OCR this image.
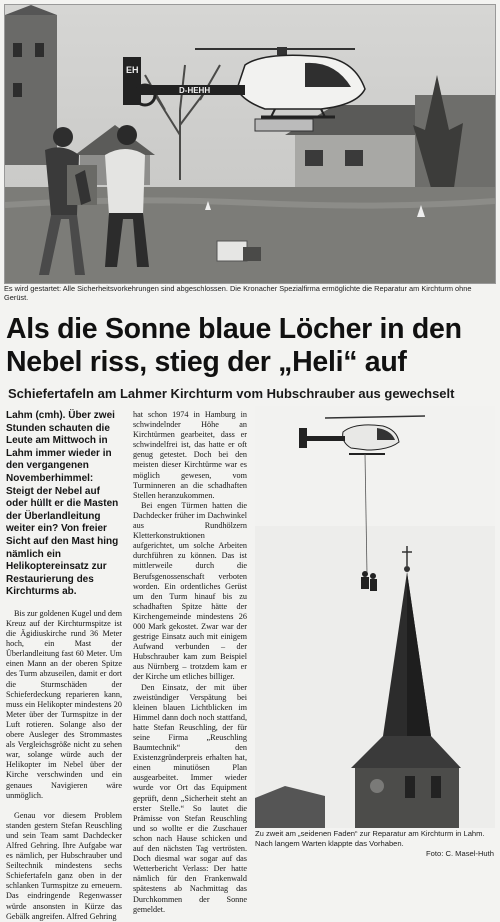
EH
D-HEHH
Es wird gestartet: Alle Sicherheitsvorkehrungen sind abgeschlossen. Die Kronacher Spezialfirma ermöglichte die Reparatur am Kirchturm ohne Gerüst.
Als die Sonne blaue Löcher in den Nebel riss, stieg der „Heli“ auf
Schiefertafeln am Lahmer Kirchturm vom Hubschrauber aus gewechselt
Lahm (cmh). Über zwei Stunden schauten die Leute am Mittwoch in Lahm immer wieder in den vergangenen Novemberhimmel: Steigt der Nebel auf oder hüllt er die Masten der Überlandleitung weiter ein? Von freier Sicht auf den Mast hing nämlich ein Helikoptereinsatz zur Restaurierung des Kirchturms ab.

Bis zur goldenen Kugel und dem Kreuz auf der Kirchturmspitze ist die Ägidiuskirche rund 36 Meter hoch, ein Mast der Überlandleitung fast 60 Meter. Um einen Mann an der oberen Spitze des Turm abzuseilen, damit er dort die Sturmschäden der Schieferdeckung reparieren kann, muss ein Helikopter mindestens 20 Meter über der Turmspitze in der Luft rotieren. Solange also der obere Ausleger des Strommastes als Vergleichsgröße nicht zu sehen war, solange würde auch der Helikopter im Nebel über der Kirche verschwinden und ein genaues Navigieren wäre unmöglich.

Genau vor diesem Problem standen gestern Stefan Reuschling und sein Team samt Dachdecker Alfred Gehring. Ihre Aufgabe war es nämlich, per Hubschrauber und Seiltechnik mindestens sechs Schiefertafeln ganz oben in der schlanken Turmspitze zu erneuern. Das eindringende Regenwasser würde ansonsten in Kürze das Gebälk angreifen. Alfred Gehring

hat schon 1974 in Hamburg in schwindelnder Höhe an Kirchtürmen gearbeitet, dass er schwindelfrei ist, das hatte er oft genug getestet. Doch bei den meisten dieser Kirchtürme war es möglich gewesen, vom Turminneren an die schadhaften Stellen heranzukommen.

Bei engen Türmen hatten die Dachdecker früher im Dachwinkel aus Rundhölzern Kletterkonstruktionen aufgerichtet, um solche Arbeiten durchführen zu können. Das ist mittlerweile durch die Berufsgenossenschaft verboten worden. Ein ordentliches Gerüst um den Turm hinauf bis zu schadhaften Spitze hätte der Kirchengemeinde mindestens 26 000 Mark gekostet. Zwar war der gestrige Einsatz auch mit einigem Aufwand verbunden – der Hubschrauber kam zum Beispiel aus Nürnberg – trotzdem kam er der Kirche um etliches billiger.

Den Einsatz, der mit über zweistündiger Verspätung bei kleinen blauen Lichtblicken im Himmel dann doch noch stattfand, hatte Stefan Reuschling, der für seine Firma „Reuschling Baumtechnik“ den Existenzgründerpreis erhalten hat, einen minutiösen Plan ausgearbeitet. Immer wieder wurde vor Ort das Equipment geprüft, denn „Sicherheit steht an erster Stelle.“ So lautet die Prämisse von Stefan Reuschling und so wollte er die Zuschauer schon nach Hause schicken und auf den nächsten Tag vertrösten. Doch diesmal war sogar auf das Wetterbericht Verlass: Der hatte nämlich für den Frankenwald spätestens ab Nachmittag das Durchkommen der Sonne gemeldet.

Zu zweit am „seidenen Faden“ zur Reparatur am Kirchturm in Lahm. Nach langem Warten klappte das Vorhaben.
Foto: C. Masel-Huth
